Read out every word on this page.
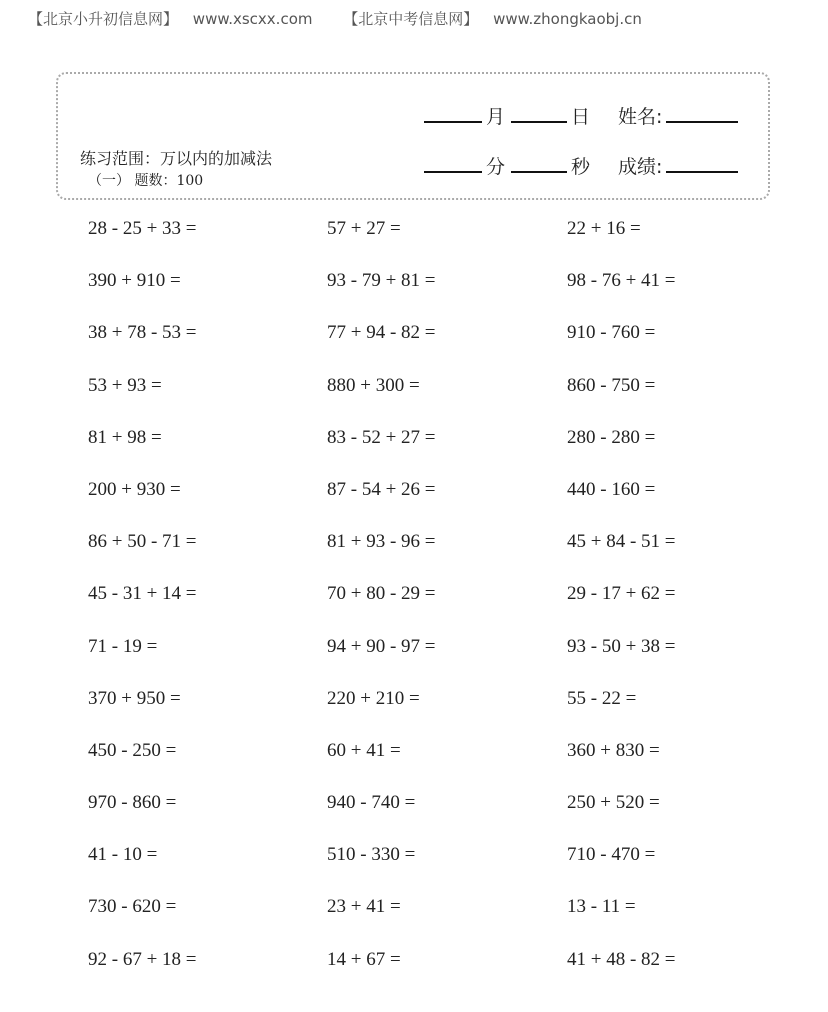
【北京小升初信息网】 www.xscxx.com 【北京中考信息网】 www.zhongkaobj.cn
月	日 姓名:
分	秒 成绩:
练习范围：万以内的加减法
（一） 题数：100
28 - 25 + 33 =	57 + 27 =	22 + 16 =
390 + 910 =	93 - 79 + 81 =	98 - 76 + 41 =
38 + 78 - 53 =	77 + 94 - 82 =	910 - 760 =
53 + 93 =	880 + 300 =	860 - 750 =
81 + 98 =	83 - 52 + 27 =	280 - 280 =
200 + 930 =	87 - 54 + 26 =	440 - 160 =
86 + 50 - 71 =	81 + 93 - 96 =	45 + 84 - 51 =
45 - 31 + 14 =	70 + 80 - 29 =	29 - 17 + 62 =
71 - 19 =	94 + 90 - 97 =	93 - 50 + 38 =
370 + 950 =	220 + 210 =	55 - 22 =
450 - 250 =	60 + 41 =	360 + 830 =
970 - 860 =	940 - 740 =	250 + 520 =
41 - 10 =	510 - 330 =	710 - 470 =
730 - 620 =	23 + 41 =	13 - 11 =
92 - 67 + 18 =	14 + 67 =	41 + 48 - 82 =
